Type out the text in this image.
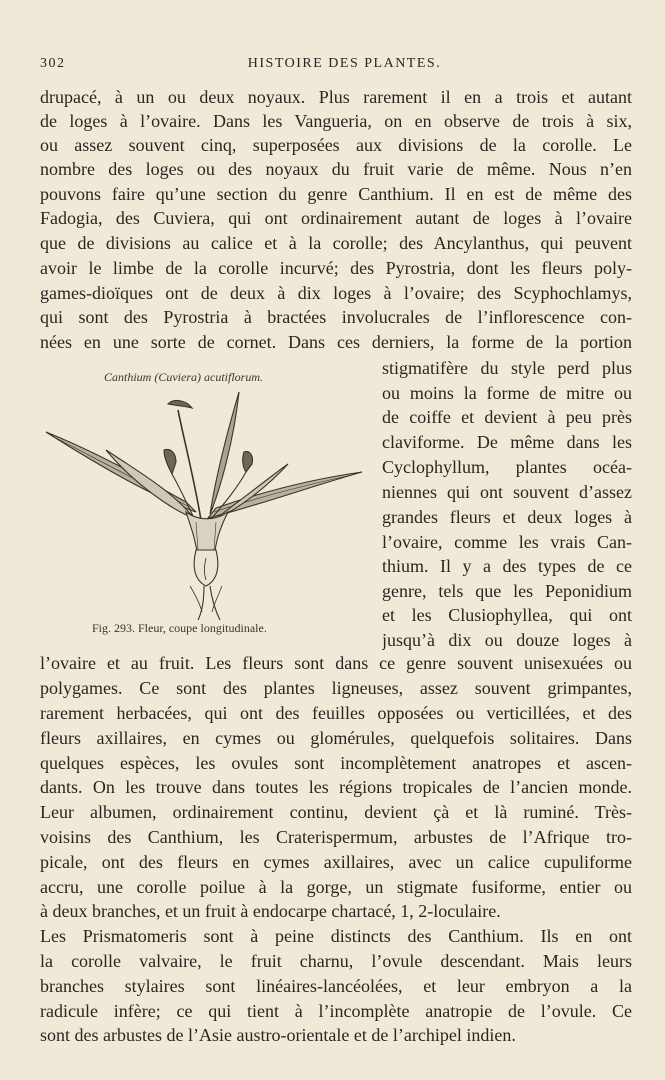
302	HISTOIRE DES PLANTES.
drupacé, à un ou deux noyaux. Plus rarement il en a trois et autant
de loges à l’ovaire. Dans les Vangueria, on en observe de trois à six,
ou assez souvent cinq, superposées aux divisions de la corolle. Le
nombre des loges ou des noyaux du fruit varie de même. Nous n’en
pouvons faire qu’une section du genre Canthium. Il en est de même des
Fadogia, des Cuviera, qui ont ordinairement autant de loges à l’ovaire
que de divisions au calice et à la corolle; des Ancylanthus, qui peuvent
avoir le limbe de la corolle incurvé; des Pyrostria, dont les fleurs poly-
games-dioïques ont de deux à dix loges à l’ovaire; des Scyphochlamys,
qui sont des Pyrostria à bractées involucrales de l’inflorescence con-
nées en une sorte de cornet. Dans ces derniers, la forme de la portion
Canthium (Cuviera) acutiflorum.
Fig. 293. Fleur, coupe longitudinale.
stigmatifère du style perd plus
ou moins la forme de mitre ou
de coiffe et devient à peu près
claviforme. De même dans les
Cyclophyllum, plantes océa-
niennes qui ont souvent d’assez
grandes fleurs et deux loges à
l’ovaire, comme les vrais Can-
thium. Il y a des types de ce
genre, tels que les Peponidium
et les Clusiophyllea, qui ont
jusqu’à dix ou douze loges à
l’ovaire et au fruit. Les fleurs sont dans ce genre souvent unisexuées ou
polygames. Ce sont des plantes ligneuses, assez souvent grimpantes,
rarement herbacées, qui ont des feuilles opposées ou verticillées, et des
fleurs axillaires, en cymes ou glomérules, quelquefois solitaires. Dans
quelques espèces, les ovules sont incomplètement anatropes et ascen-
dants. On les trouve dans toutes les régions tropicales de l’ancien monde.
Leur albumen, ordinairement continu, devient çà et là ruminé. Très-
voisins des Canthium, les Craterispermum, arbustes de l’Afrique tro-
picale, ont des fleurs en cymes axillaires, avec un calice cupuliforme
accru, une corolle poilue à la gorge, un stigmate fusiforme, entier ou
à deux branches, et un fruit à endocarpe chartacé, 1, 2-loculaire.
Les Prismatomeris sont à peine distincts des Canthium. Ils en ont
la corolle valvaire, le fruit charnu, l’ovule descendant. Mais leurs
branches stylaires sont linéaires-lancéolées, et leur embryon a la
radicule infère; ce qui tient à l’incomplète anatropie de l’ovule. Ce
sont des arbustes de l’Asie austro-orientale et de l’archipel indien.
